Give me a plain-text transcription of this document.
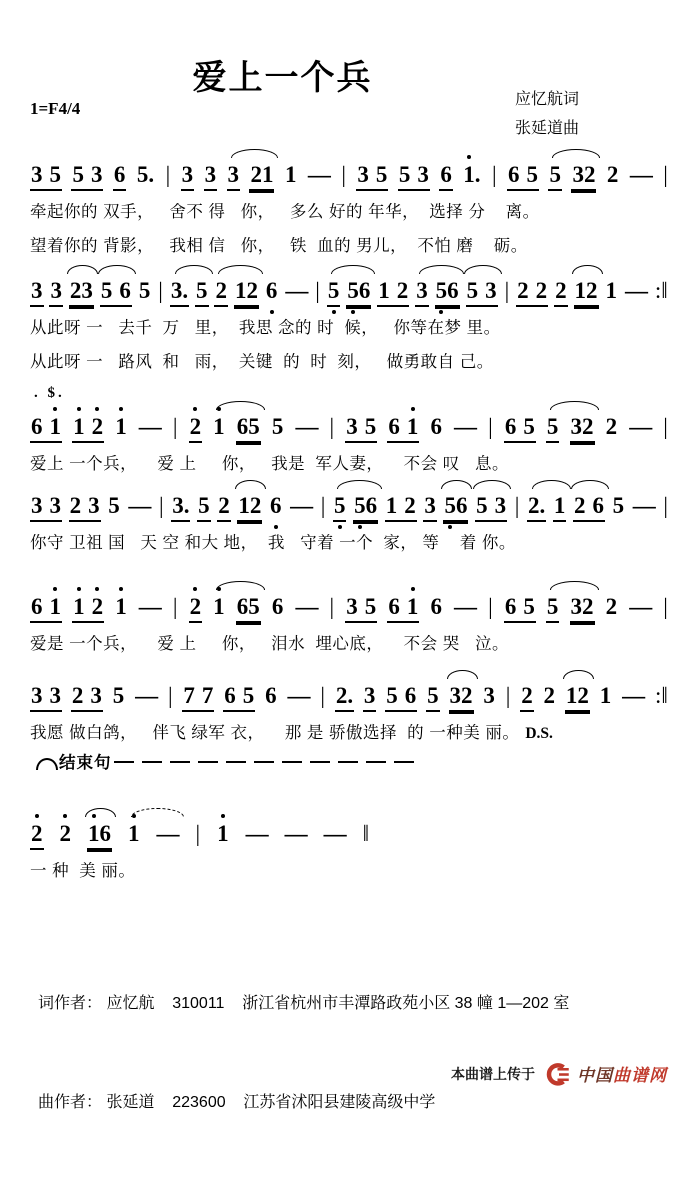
爱上一个兵
1=F4/4	应忆航词
张延道曲
3 5 5 3 6 5. | 3 3 3 21 1 — | 3 5 5 3 6 1. | 6 5 5 32 2 — |
牵起你的 双手，   舍不 得   你，   多么 好的 年华，  选择 分    离。
望着你的 背影，   我相 信   你，   铁  血的 男儿，  不怕 磨    砺。
3 3 23 5 6 5 | 3. 5 2 12 6 — | 5 56 1 2 3 56 5 3 | 2 2 2 12 1 — :‖
从此呀 一   去千  万   里，  我思 念的 时  候，   你等在梦 里。
从此呀 一   路风  和   雨，  关键  的  时  刻，   做勇敢自 己。
6 1 1 2 1 — | 2 1 65 5 — | 3 5 6 1 6 — | 6 5 5 32 2 — |
. $.
爱上 一个兵，    爱 上     你，   我是  军人妻，    不会 叹   息。
3 3 2 3 5 — | 3. 5 2 12 6 — | 5 56 1 2 3 56 5 3 | 2. 1 2 6 5 — |
你守 卫祖 国   天 空 和大 地，  我   守着 一个  家， 等    着 你。
6 1 1 2 1 — | 2 1 65 6 — | 3 5 6 1 6 — | 6 5 5 32 2 — |
爱是 一个兵，    爱 上     你，   泪水  埋心底，    不会 哭   泣。
3 3 2 3 5 — | 7 7 6 5 6 — | 2. 3 5 6 5 32 3 | 2 2 12 1 — :‖
我愿 做白鸽，   伴飞 绿军 衣，    那 是 骄傲选择  的 一种美 丽。 D.S.
结束句
2 2 16 1 — | 1 — — — ‖
一 种  美 丽。

词作者： 应忆航    310011    浙江省杭州市丰潭路政苑小区 38 幢 1—202 室

曲作者： 张延道    223600    江苏省沭阳县建陵高级中学

本曲谱上传于 中国曲谱网
